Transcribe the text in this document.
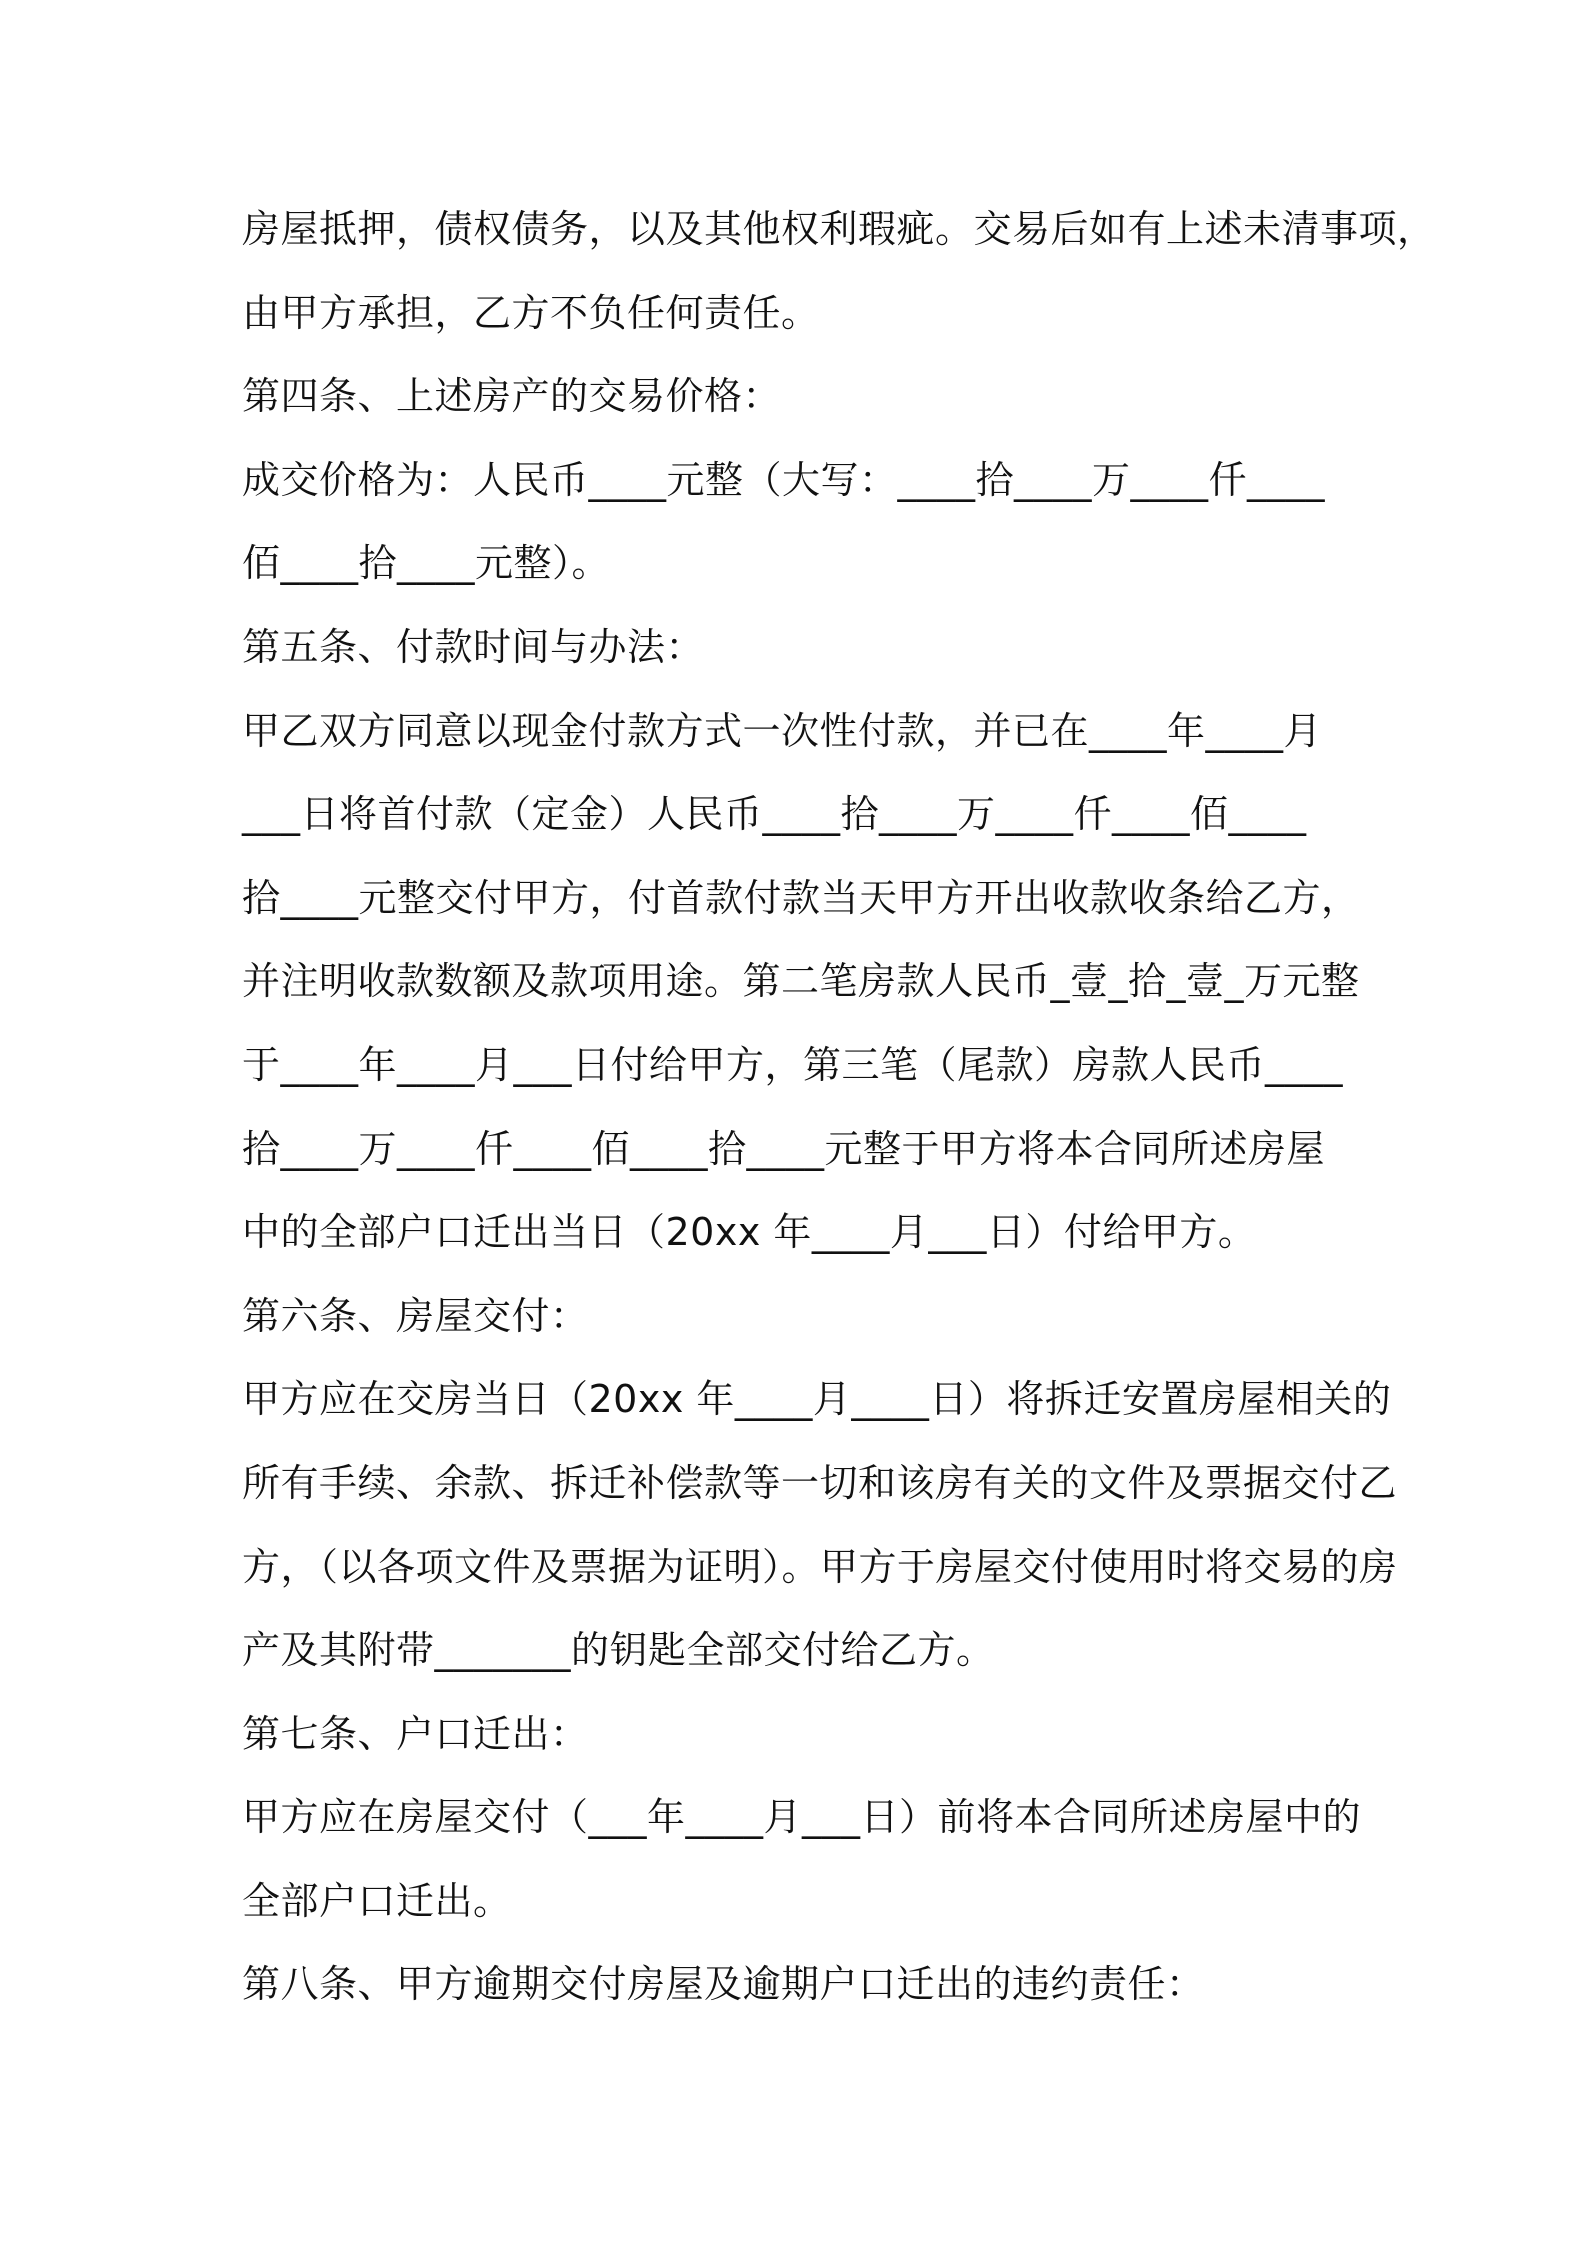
房屋抵押，债权债务，以及其他权利瑕疵。交易后如有上述未清事项，
由甲方承担，乙方不负任何责任。
第四条、上述房产的交易价格：
成交价格为：人民币____元整（大写：____拾____万____仟____
佰____拾____元整）。
第五条、付款时间与办法：
甲乙双方同意以现金付款方式一次性付款，并已在____年____月
___日将首付款（定金）人民币____拾____万____仟____佰____
拾____元整交付甲方，付首款付款当天甲方开出收款收条给乙方，
并注明收款数额及款项用途。第二笔房款人民币_壹_拾_壹_万元整
于____年____月___日付给甲方，第三笔（尾款）房款人民币____
拾____万____仟____佰____拾____元整于甲方将本合同所述房屋
中的全部户口迁出当日（20xx 年____月___日）付给甲方。
第六条、房屋交付：
甲方应在交房当日（20xx 年____月____日）将拆迁安置房屋相关的
所有手续、余款、拆迁补偿款等一切和该房有关的文件及票据交付乙
方，（以各项文件及票据为证明）。甲方于房屋交付使用时将交易的房
产及其附带_______的钥匙全部交付给乙方。
第七条、户口迁出：
甲方应在房屋交付（___年____月___日）前将本合同所述房屋中的
全部户口迁出。
第八条、甲方逾期交付房屋及逾期户口迁出的违约责任：
